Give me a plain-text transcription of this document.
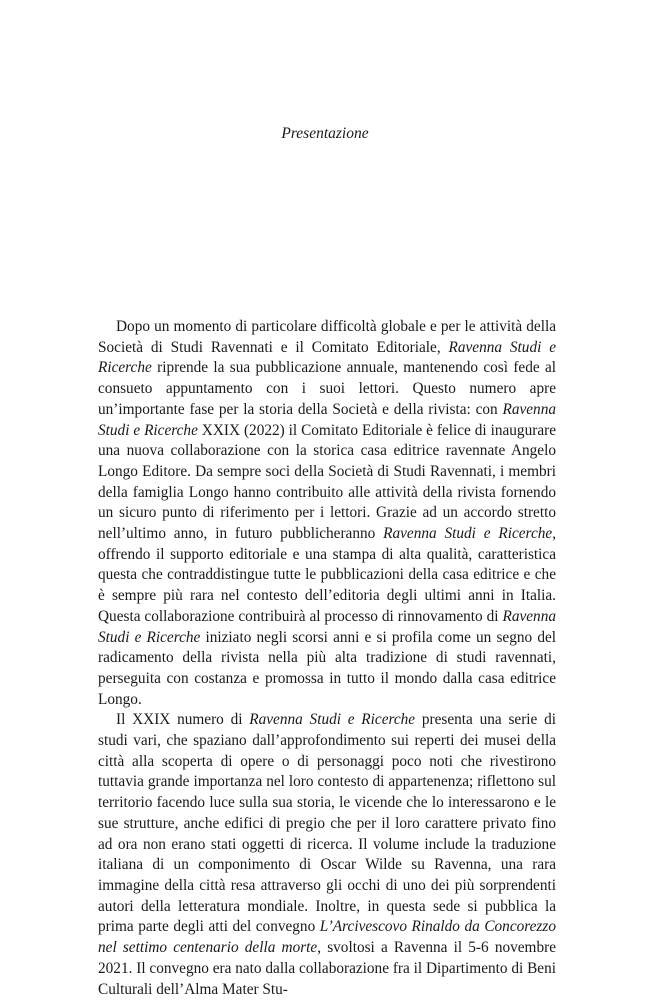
Presentazione

Dopo un momento di particolare difficoltà globale e per le attività della Società di Studi Ravennati e il Comitato Editoriale, Ravenna Studi e Ricerche riprende la sua pubblicazione annuale, mantenendo così fede al consueto appuntamento con i suoi lettori. Questo numero apre un’importante fase per la storia della Società e della rivista: con Ravenna Studi e Ricerche XXIX (2022) il Comitato Editoriale è felice di inaugurare una nuova collaborazione con la storica casa editrice ravennate Angelo Longo Editore. Da sempre soci della Società di Studi Ravennati, i membri della famiglia Longo hanno contribuito alle attività della rivista fornendo un sicuro punto di riferimento per i lettori. Grazie ad un accordo stretto nell’ultimo anno, in futuro pubblicheranno Ravenna Studi e Ricerche, offrendo il supporto editoriale e una stampa di alta qualità, caratteristica questa che contraddistingue tutte le pubblicazioni della casa editrice e che è sempre più rara nel contesto dell’editoria degli ultimi anni in Italia. Questa collaborazione contribuirà al processo di rinnovamento di Ravenna Studi e Ricerche iniziato negli scorsi anni e si profila come un segno del radicamento della rivista nella più alta tradizione di studi ravennati, perseguita con costanza e promossa in tutto il mondo dalla casa editrice Longo.

Il XXIX numero di Ravenna Studi e Ricerche presenta una serie di studi vari, che spaziano dall’approfondimento sui reperti dei musei della città alla scoperta di opere o di personaggi poco noti che rivestirono tuttavia grande importanza nel loro contesto di appartenenza; riflettono sul territorio facendo luce sulla sua storia, le vicende che lo interessarono e le sue strutture, anche edifici di pregio che per il loro carattere privato fino ad ora non erano stati oggetti di ricerca. Il volume include la traduzione italiana di un componimento di Oscar Wilde su Ravenna, una rara immagine della città resa attraverso gli occhi di uno dei più sorprendenti autori della letteratura mondiale. Inoltre, in questa sede si pubblica la prima parte degli atti del convegno L’Arcivescovo Rinaldo da Concorezzo nel settimo centenario della morte, svoltosi a Ravenna il 5-6 novembre 2021. Il convegno era nato dalla collaborazione fra il Dipartimento di Beni Culturali dell’Alma Mater Stu-
